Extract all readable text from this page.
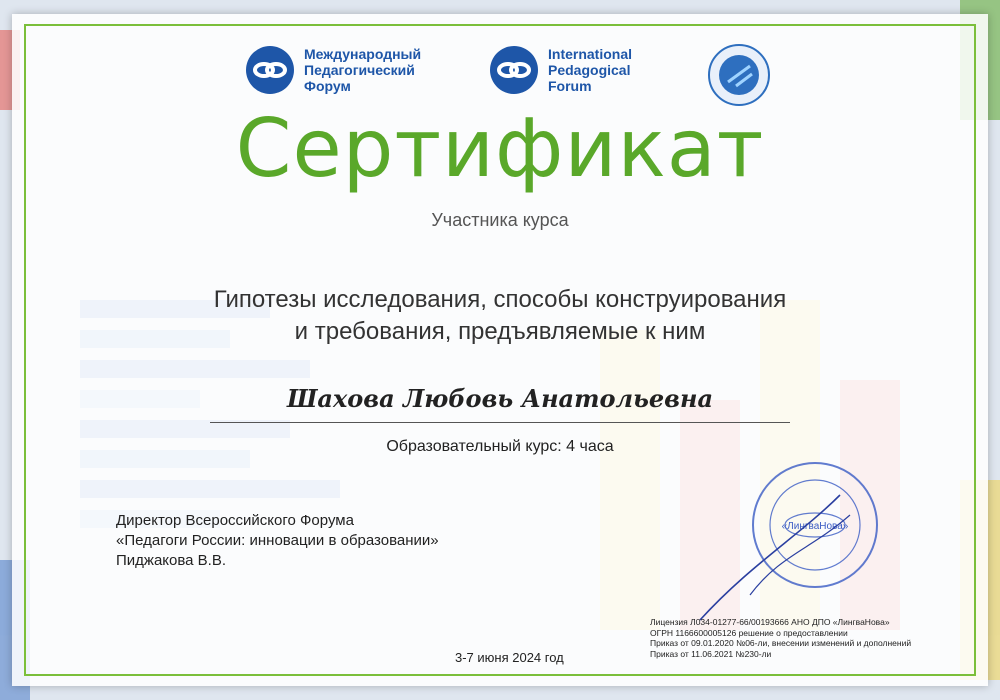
Международный
Педагогический
Форум
International
Pedagogical
Forum
Сертификат
Участника курса
Гипотезы исследования, способы конструирования
и требования, предъявляемые к ним
Шахова Любовь Анатольевна
Образовательный курс: 4 часа
Директор Всероссийского Форума
«Педагоги России: инновации в образовании»
Пиджакова В.В.
«ЛингваНова»
Лицензия Л034-01277-66/00193666 АНО ДПО «ЛингваНова»
ОГРН 1166600005126 решение о предоставлении
Приказ от 09.01.2020 №06-ли, внесении изменений и дополнений
Приказ от 11.06.2021 №230-ли
3-7 июня 2024 год
